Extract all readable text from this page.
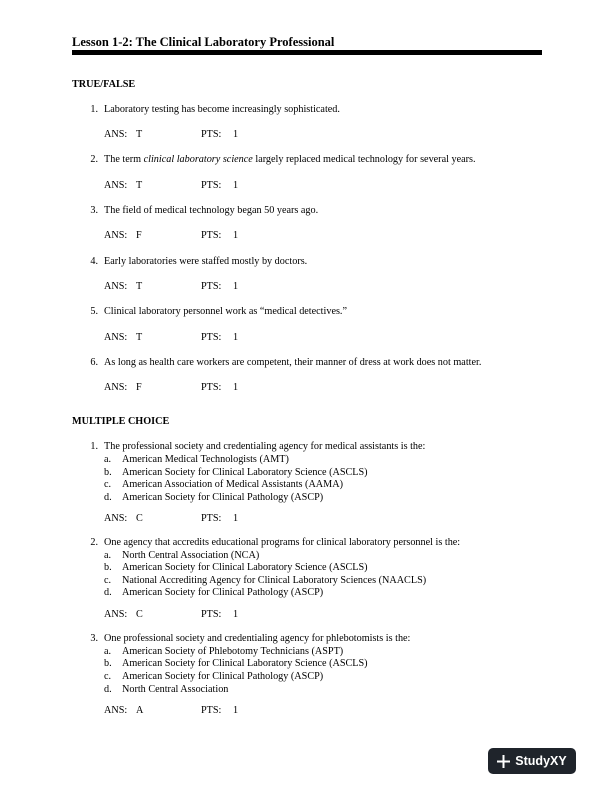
Lesson 1-2: The Clinical Laboratory Professional
TRUE/FALSE
1. Laboratory testing has become increasingly sophisticated.
ANS: T	PTS: 1
2. The term clinical laboratory science largely replaced medical technology for several years.
ANS: T	PTS: 1
3. The field of medical technology began 50 years ago.
ANS: F	PTS: 1
4. Early laboratories were staffed mostly by doctors.
ANS: T	PTS: 1
5. Clinical laboratory personnel work as “medical detectives.”
ANS: T	PTS: 1
6. As long as health care workers are competent, their manner of dress at work does not matter.
ANS: F	PTS: 1
MULTIPLE CHOICE
1. The professional society and credentialing agency for medical assistants is the:
a. American Medical Technologists (AMT)
b. American Society for Clinical Laboratory Science (ASCLS)
c. American Association of Medical Assistants (AAMA)
d. American Society for Clinical Pathology (ASCP)
ANS: C	PTS: 1
2. One agency that accredits educational programs for clinical laboratory personnel is the:
a. North Central Association (NCA)
b. American Society for Clinical Laboratory Science (ASCLS)
c. National Accrediting Agency for Clinical Laboratory Sciences (NAACLS)
d. American Society for Clinical Pathology (ASCP)
ANS: C	PTS: 1
3. One professional society and credentialing agency for phlebotomists is the:
a. American Society of Phlebotomy Technicians (ASPT)
b. American Society for Clinical Laboratory Science (ASCLS)
c. American Society for Clinical Pathology (ASCP)
d. North Central Association
ANS: A	PTS: 1
StudyXY
